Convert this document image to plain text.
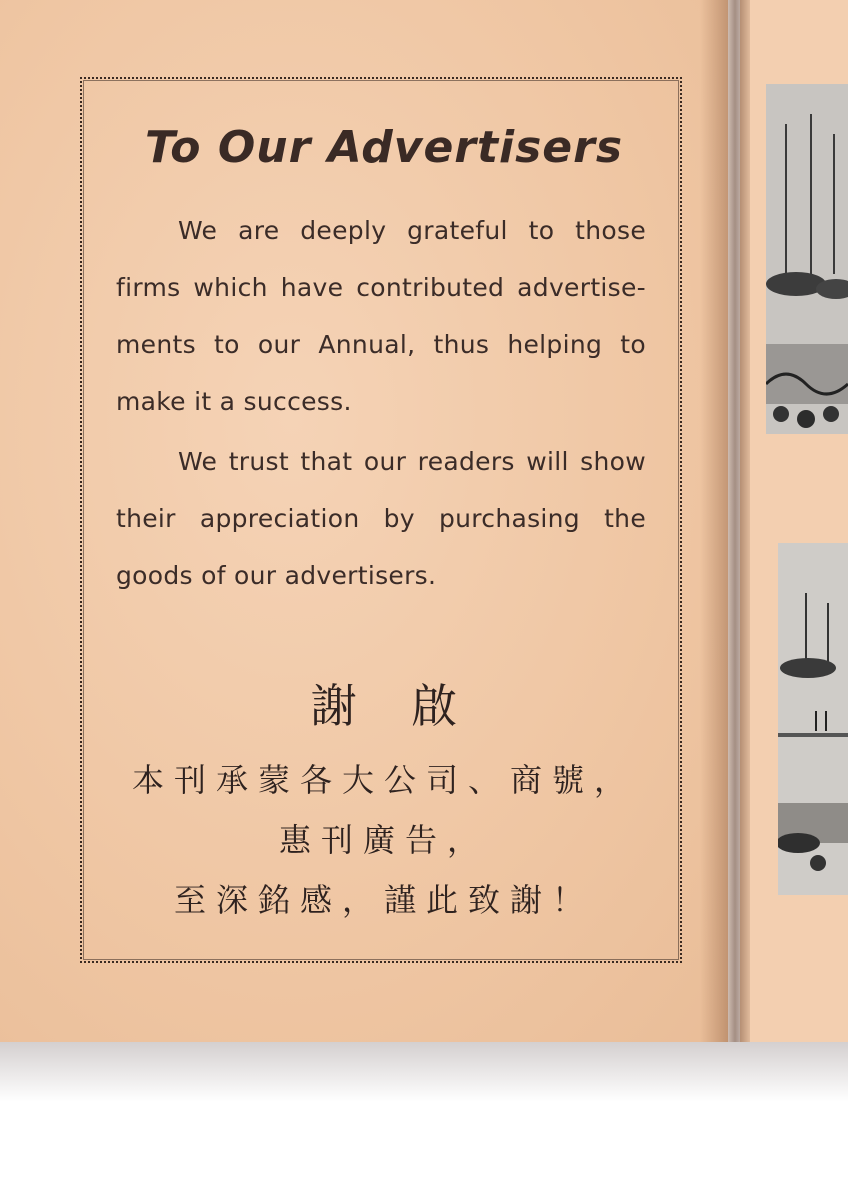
To Our Advertisers
We are deeply grateful to those firms which have contributed advertise-ments to our Annual, thus helping to make it a success.
We trust that our readers will show their appreciation by purchasing the goods of our advertisers.
謝 啟
本刊承蒙各大公司、商號，
惠刊廣告，
至深銘感，謹此致謝！
